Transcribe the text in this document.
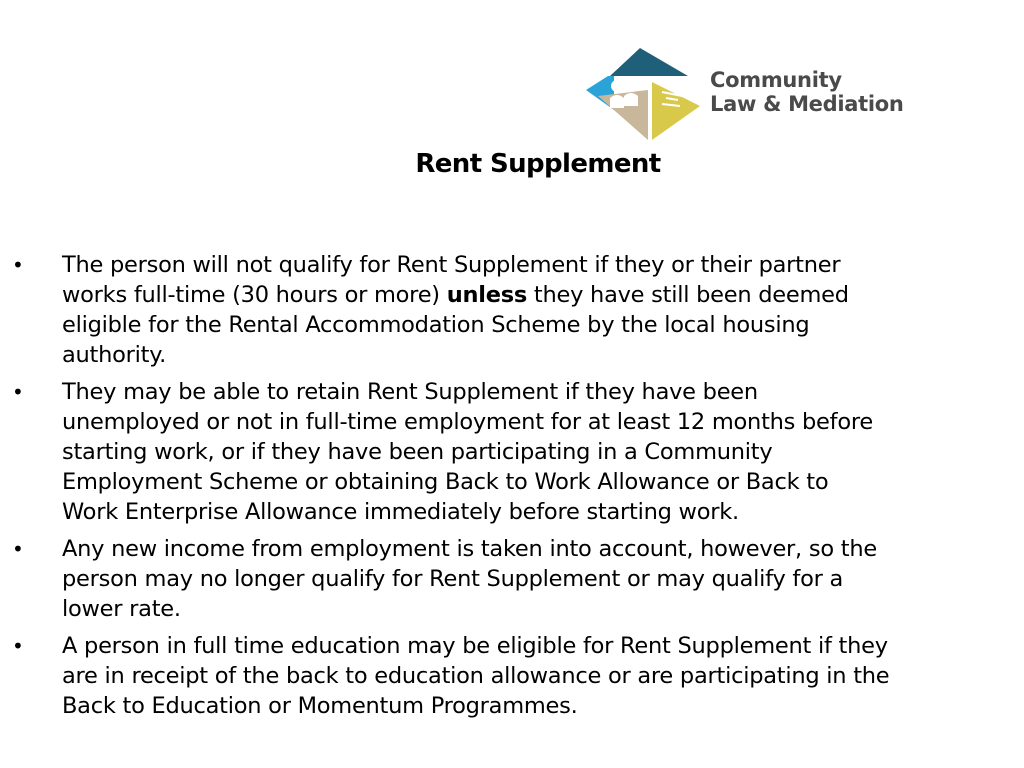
Community
Law & Mediation
Rent Supplement
• The person will not qualify for Rent Supplement if they or their partner
works full-time (30 hours or more) unless they have still been deemed
eligible for the Rental Accommodation Scheme by the local housing
authority.
• They may be able to retain Rent Supplement if they have been
unemployed or not in full-time employment for at least 12 months before
starting work, or if they have been participating in a Community
Employment Scheme or obtaining Back to Work Allowance or Back to
Work Enterprise Allowance immediately before starting work.
• Any new income from employment is taken into account, however, so the
person may no longer qualify for Rent Supplement or may qualify for a
lower rate.
• A person in full time education may be eligible for Rent Supplement if they
are in receipt of the back to education allowance or are participating in the
Back to Education or Momentum Programmes.
